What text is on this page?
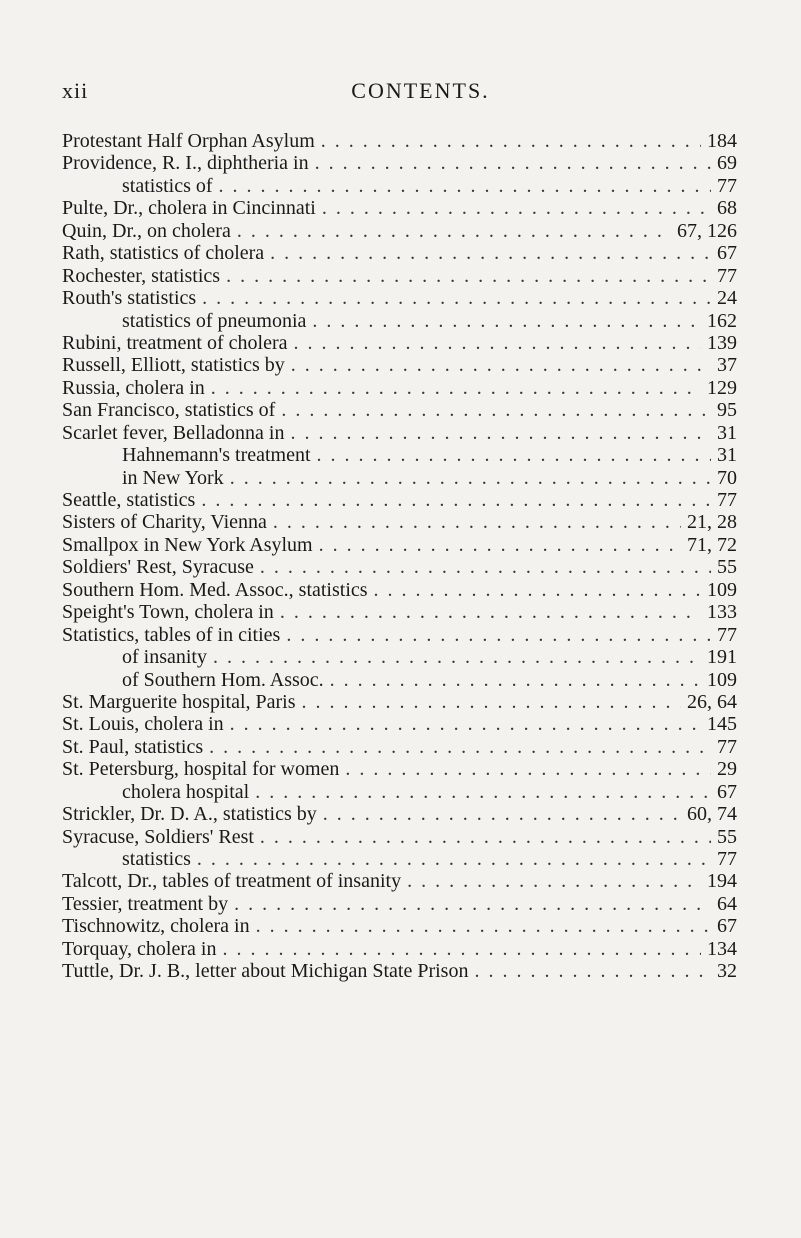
xii	CONTENTS.
Protestant Half Orphan Asylum . . .	184
Providence, R. I., diphtheria in . . .	69
statistics of . . .	77
Pulte, Dr., cholera in Cincinnati . . .	68
Quin, Dr., on cholera . . .	67, 126
Rath, statistics of cholera . . .	67
Rochester, statistics . . .	77
Routh's statistics . . .	24
statistics of pneumonia . . .	162
Rubini, treatment of cholera . . .	139
Russell, Elliott, statistics by . . .	37
Russia, cholera in . . .	129
San Francisco, statistics of . . .	95
Scarlet fever, Belladonna in . . .	31
Hahnemann's treatment . . .	31
in New York . . .	70
Seattle, statistics . . .	77
Sisters of Charity, Vienna . . .	21, 28
Smallpox in New York Asylum . . .	71, 72
Soldiers' Rest, Syracuse . . .	55
Southern Hom. Med. Assoc., statistics . . .	109
Speight's Town, cholera in . . .	133
Statistics, tables of in cities . . .	77
of insanity . . .	191
of Southern Hom. Assoc. . . .	109
St. Marguerite hospital, Paris . . .	26, 64
St. Louis, cholera in . . .	145
St. Paul, statistics . . .	77
St. Petersburg, hospital for women . . .	29
cholera hospital . . .	67
Strickler, Dr. D. A., statistics by . . .	60, 74
Syracuse, Soldiers' Rest . . .	55
statistics . . .	77
Talcott, Dr., tables of treatment of insanity . . .	194
Tessier, treatment by . . .	64
Tischnowitz, cholera in . . .	67
Torquay, cholera in . . .	134
Tuttle, Dr. J. B., letter about Michigan State Prison . . .	32
